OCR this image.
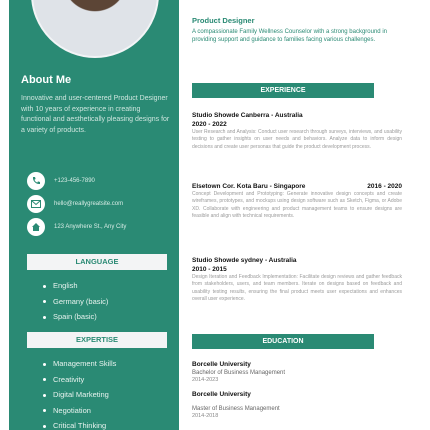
About Me
Innovative and user-centered Product Designer with 10 years of experience in creating functional and aesthetically pleasing designs for a variety of products.
+123-456-7890
hello@reallygreatsite.com
123 Anywhere St., Any City
LANGUAGE
English
Germany (basic)
Spain (basic)
EXPERTISE
Management Skills
Creativity
Digital Marketing
Negotiation
Critical Thinking
Product Designer
A compassionate Family Wellness Counselor with a strong background in providing support and guidance to families facing various challenges.
EXPERIENCE
Studio Showde Canberra - Australia
2020 - 2022
User Research and Analysis: Conduct user research through surveys, interviews, and usability testing to gather insights on user needs and behaviors. Analyze data to inform design decisions and create user personas that guide the product development process.
Elsetown Cor. Kota Baru - Singapore	2016 - 2020
Concept Development and Prototyping: Generate innovative design concepts and create wireframes, prototypes, and mockups using design software such as Sketch, Figma, or Adobe XD. Collaborate with engineering and product management teams to ensure designs are feasible and align with technical requirements.
Studio Showde sydney - Australia
2010 - 2015
Design Iteration and Feedback Implementation: Facilitate design reviews and gather feedback from stakeholders, users, and team members. Iterate on designs based on feedback and usability testing results, ensuring the final product meets user expectations and enhances overall user experience.
EDUCATION
Borcelle University
Bachelor of Business Management
2014-2023
Borcelle University
Master of Business Management
2014-2018
